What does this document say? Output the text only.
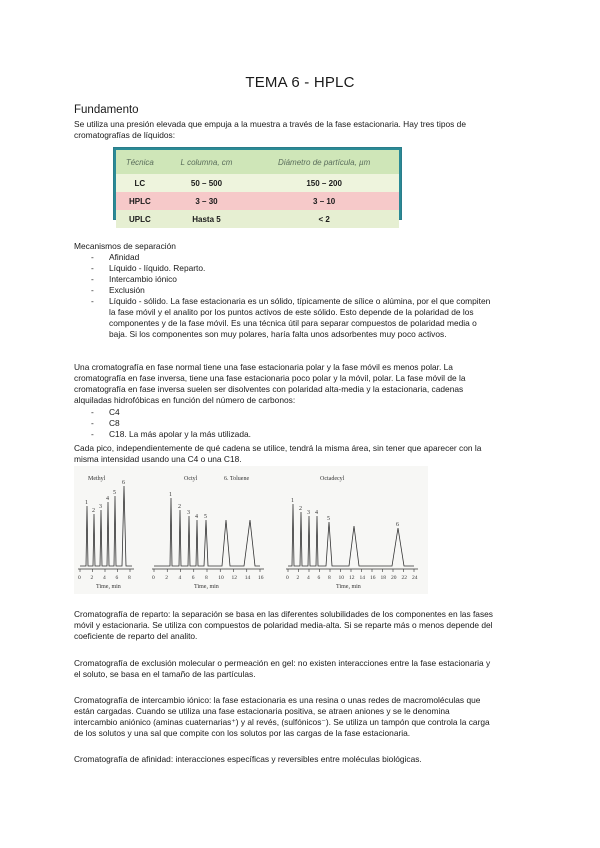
TEMA 6 - HPLC
Fundamento

Se utiliza una presión elevada que empuja a la muestra a través de la fase estacionaria. Hay tres tipos de
cromatografías de líquidos:

Técnica	L columna, cm	Diámetro de partícula, µm
LC	50 – 500	150 – 200
HPLC	3 – 30	3 – 10
UPLC	Hasta 5	< 2
Mecanismos de separación
- Afinidad
- Líquido - líquido. Reparto.
- Intercambio iónico
- Exclusión
- Líquido - sólido. La fase estacionaria es un sólido, típicamente de sílice o alúmina, por el que compiten
la fase móvil y el analito por los puntos activos de este sólido. Esto depende de la polaridad de los
componentes y de la fase móvil. Es una técnica útil para separar compuestos de polaridad media o
baja. Si los componentes son muy polares, haría falta unos adsorbentes muy poco activos.

Una cromatografía en fase normal tiene una fase estacionaria polar y la fase móvil es menos polar. La
cromatografía en fase inversa, tiene una fase estacionaria poco polar y la móvil, polar. La fase móvil de la
cromatografía en fase inversa suelen ser disolventes con polaridad alta-media y la estacionaria, cadenas
alquiladas hidrofóbicas en función del número de carbonos:

- C4
- C8
- C18. La más apolar y la más utilizada.

Cada pico, independientemente de qué cadena se utilice, tendrá la misma área, sin tener que aparecer con la
misma intensidad usando una C4 o una C18.

Methyl	Octyl	6. Toluene	Octadecyl
1
2
3
4
5
6
1
2
3
4 5
1
2
3 4
5
6
Time, min	Time, min	Time, min
0 2 4 6 8	0 2 4 6 8 10 12 14 16	0 2 4 6 8 10 12 14 16 18 20 22 24

Cromatografía de reparto: la separación se basa en las diferentes solubilidades de los componentes en las fases
móvil y estacionaria. Se utiliza con compuestos de polaridad media-alta. Si se reparte más o menos depende del
coeficiente de reparto del analito.

Cromatografía de exclusión molecular o permeación en gel: no existen interacciones entre la fase estacionaria y
el soluto, se basa en el tamaño de las partículas.

Cromatografía de intercambio iónico: la fase estacionaria es una resina o unas redes de macromoléculas que
están cargadas. Cuando se utiliza una fase estacionaria positiva, se atraen aniones y se le denomina
intercambio aniónico (aminas cuaternarias⁺) y al revés, (sulfónicos⁻). Se utiliza un tampón que controla la carga
de los solutos y una sal que compite con los solutos por las cargas de la fase estacionaria.

Cromatografía de afinidad: interacciones específicas y reversibles entre moléculas biológicas.
